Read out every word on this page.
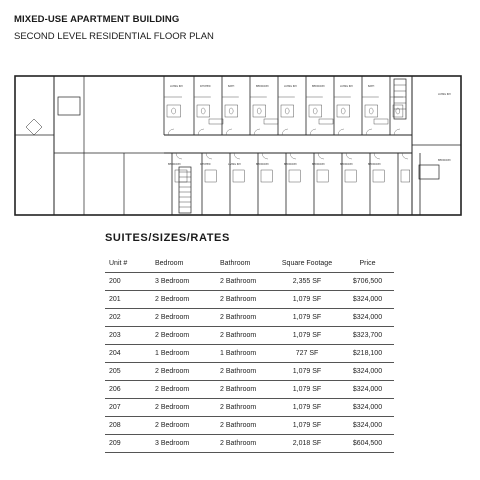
MIXED-USE APARTMENT BUILDING
SECOND LEVEL RESIDENTIAL FLOOR PLAN
LIVING RM	KITCHEN	BATH	BEDROOM	LIVING RM	BEDROOM	LIVING RM	BATH
LIVING RM
BEDROOM	KITCHEN	LIVING RM	BEDROOM	BEDROOM	BEDROOM	BEDROOM	BEDROOM
BEDROOM
SUITES/SIZES/RATES
Unit #	Bedroom	Bathroom	Square Footage	Price
200	3 Bedroom	2 Bathroom	2,355 SF	$706,500
201	2 Bedroom	2 Bathroom	1,079 SF	$324,000
202	2 Bedroom	2 Bathroom	1,079 SF	$324,000
203	2 Bedroom	2 Bathroom	1,079 SF	$323,700
204	1 Bedroom	1 Bathroom	727 SF	$218,100
205	2 Bedroom	2 Bathroom	1,079 SF	$324,000
206	2 Bedroom	2 Bathroom	1,079 SF	$324,000
207	2 Bedroom	2 Bathroom	1,079 SF	$324,000
208	2 Bedroom	2 Bathroom	1,079 SF	$324,000
209	3 Bedroom	2 Bathroom	2,018 SF	$604,500
